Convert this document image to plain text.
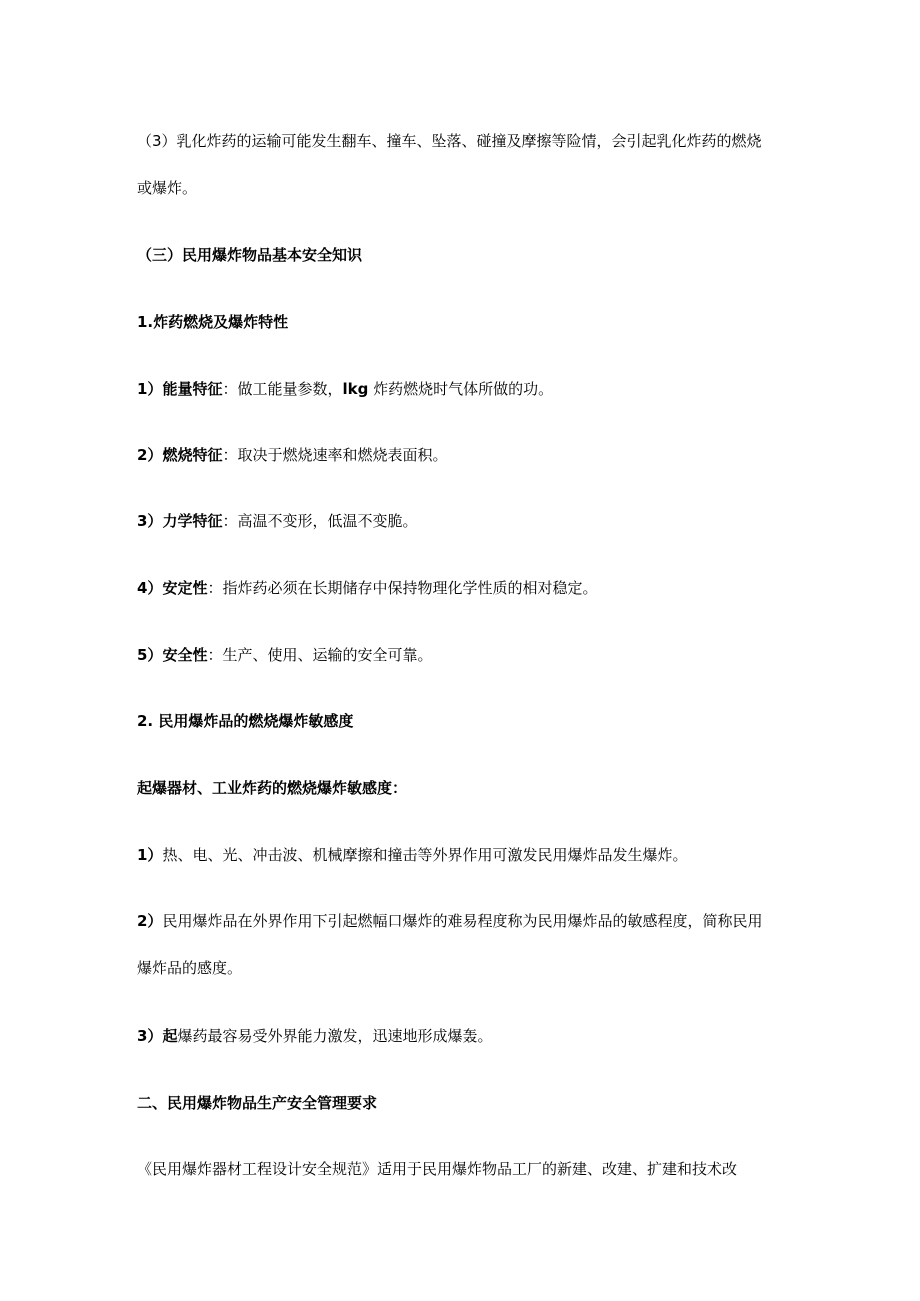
（3）乳化炸药的运输可能发生翻车、撞车、坠落、碰撞及摩擦等险情，会引起乳化炸药的燃烧
或爆炸。
（三）民用爆炸物品基本安全知识
1.炸药燃烧及爆炸特性
1）能量特征：做工能量参数，lkg 炸药燃烧时气体所做的功。
2）燃烧特征：取决于燃烧速率和燃烧表面积。
3）力学特征：高温不变形，低温不变脆。
4）安定性：指炸药必须在长期储存中保持物理化学性质的相对稳定。
5）安全性：生产、使用、运输的安全可靠。
2. 民用爆炸品的燃烧爆炸敏感度
起爆器材、工业炸药的燃烧爆炸敏感度：
1）热、电、光、冲击波、机械摩擦和撞击等外界作用可激发民用爆炸品发生爆炸。
2）民用爆炸品在外界作用下引起燃幅口爆炸的难易程度称为民用爆炸品的敏感程度，简称民用
爆炸品的感度。
3）起爆药最容易受外界能力激发，迅速地形成爆轰。
二、民用爆炸物品生产安全管理要求
《民用爆炸器材工程设计安全规范》适用于民用爆炸物品工厂的新建、改建、扩建和技术改
